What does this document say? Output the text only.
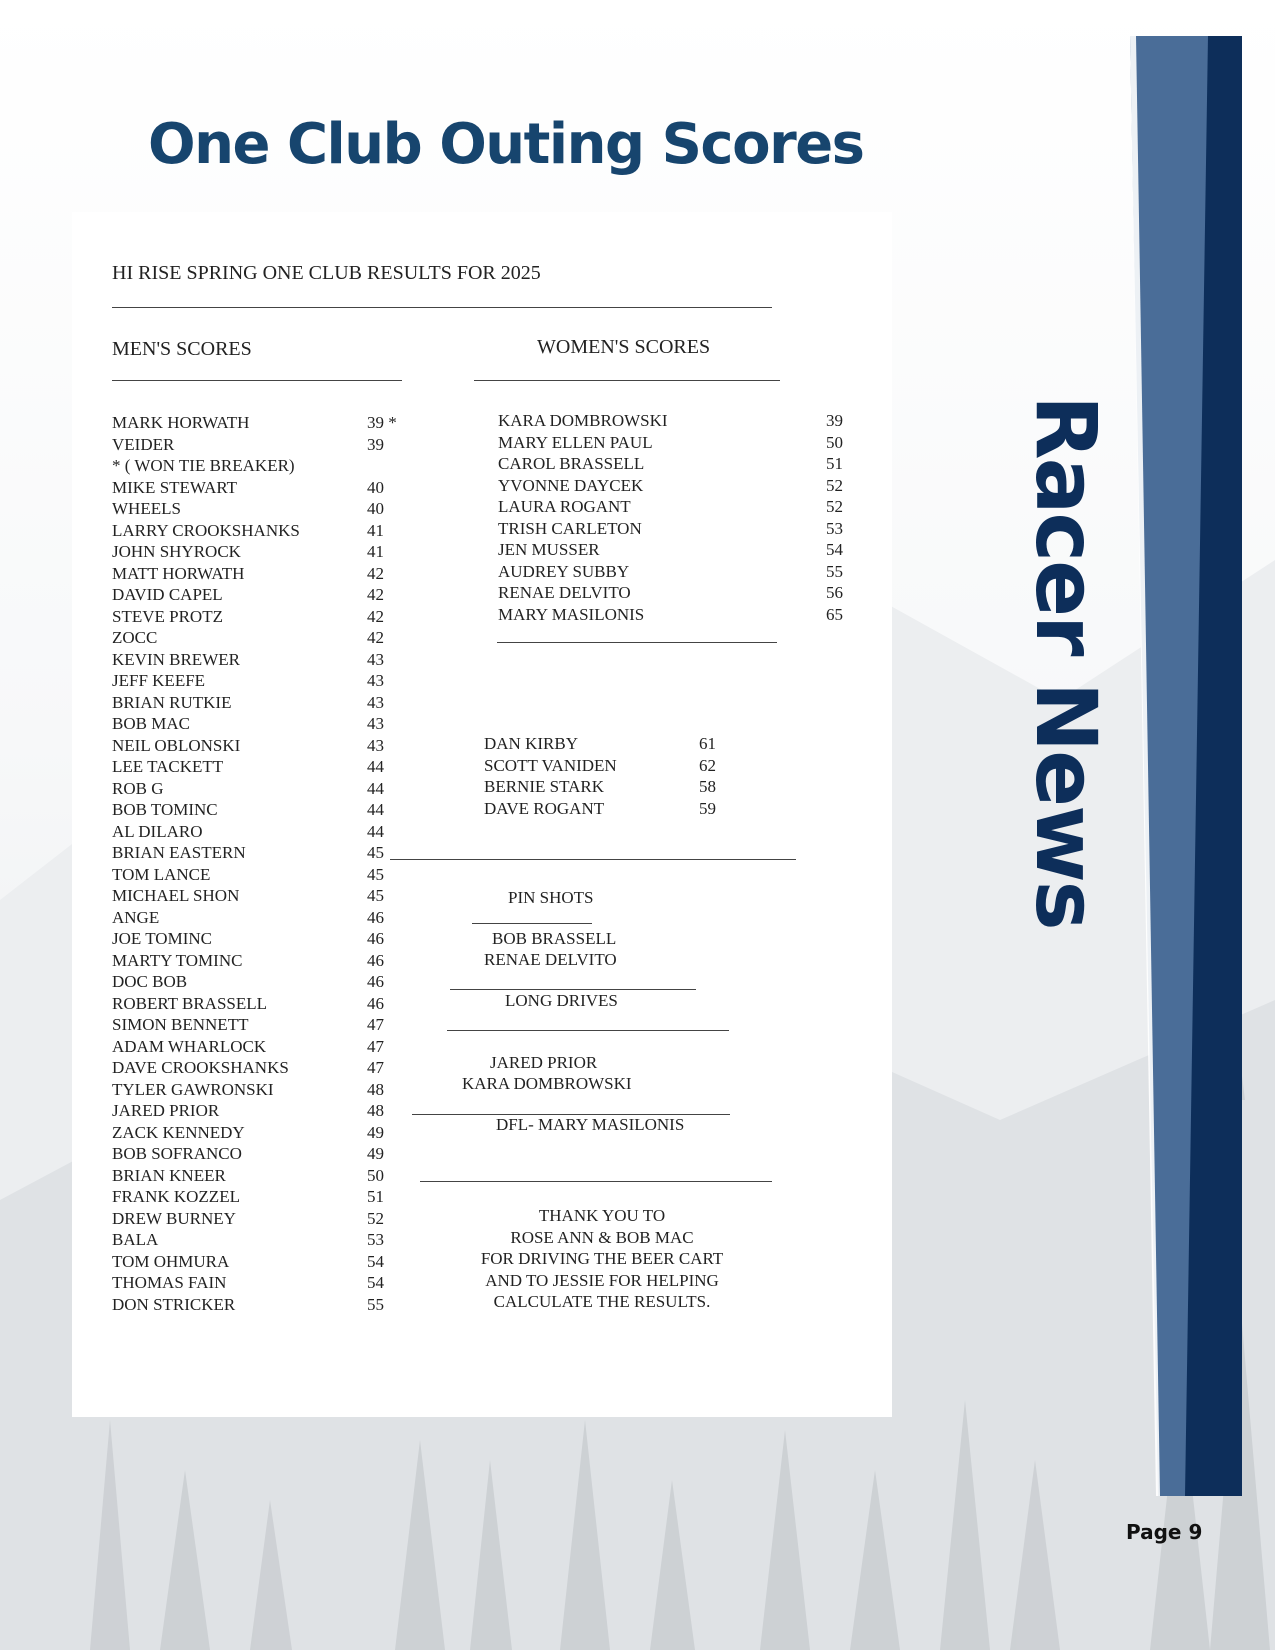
One Club Outing Scores
Racer News
Page 9
HI RISE SPRING ONE CLUB RESULTS FOR 2025
MEN'S SCORES	WOMEN'S SCORES
MARK HORWATH	39 *
VEIDER	39
* ( WON TIE BREAKER)
MIKE STEWART	40
WHEELS	40
LARRY CROOKSHANKS	41
JOHN SHYROCK	41
MATT HORWATH	42
DAVID CAPEL	42
STEVE PROTZ	42
ZOCC	42
KEVIN BREWER	43
JEFF KEEFE	43
BRIAN RUTKIE	43
BOB MAC	43
NEIL OBLONSKI	43
LEE TACKETT	44
ROB G	44
BOB TOMINC	44
AL DILARO	44
BRIAN EASTERN	45
TOM LANCE	45
MICHAEL SHON	45
ANGE	46
JOE TOMINC	46
MARTY TOMINC	46
DOC BOB	46
ROBERT BRASSELL	46
SIMON BENNETT	47
ADAM WHARLOCK	47
DAVE CROOKSHANKS	47
TYLER GAWRONSKI	48
JARED PRIOR	48
ZACK KENNEDY	49
BOB SOFRANCO	49
BRIAN KNEER	50
FRANK KOZZEL	51
DREW BURNEY	52
BALA	53
TOM OHMURA	54
THOMAS FAIN	54
DON STRICKER	55
KARA DOMBROWSKI	39
MARY ELLEN PAUL	50
CAROL BRASSELL	51
YVONNE DAYCEK	52
LAURA ROGANT	52
TRISH CARLETON	53
JEN MUSSER	54
AUDREY SUBBY	55
RENAE DELVITO	56
MARY MASILONIS	65
DAN KIRBY	61
SCOTT VANIDEN	62
BERNIE STARK	58
DAVE ROGANT	59
PIN SHOTS
BOB BRASSELL
RENAE DELVITO
LONG DRIVES
JARED PRIOR
KARA DOMBROWSKI
DFL- MARY MASILONIS
THANK YOU TO
ROSE ANN & BOB MAC
FOR DRIVING THE BEER CART
AND TO JESSIE FOR HELPING
CALCULATE THE RESULTS.
